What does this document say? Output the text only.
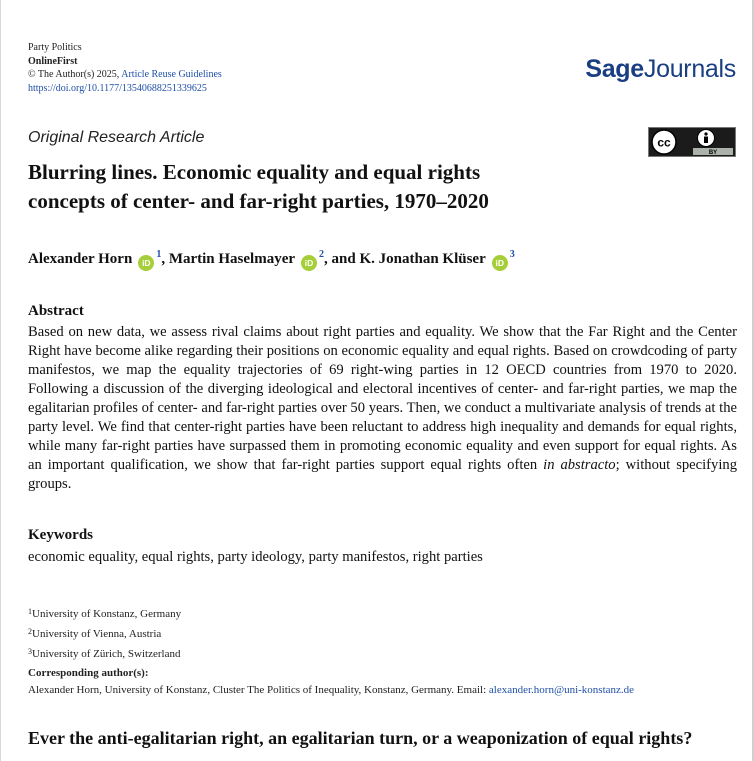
Party Politics
OnlineFirst
© The Author(s) 2025, Article Reuse Guidelines
https://doi.org/10.1177/13540688251339625
SageJournals
Original Research Article	cc
BY
Blurring lines. Economic equality and equal rights
concepts of center- and far-right parties, 1970–2020
Alexander Horn iD$^1$, Martin Haselmayer iD$^2$, and K. Jonathan Klüser iD$^3$
Abstract
Based on new data, we assess rival claims about right parties and equality. We show that the Far Right and the Center Right have become alike regarding their positions on economic equality and equal rights. Based on crowdcoding of party manifestos, we map the equality trajectories of 69 right-wing parties in 12 OECD countries from 1970 to 2020. Following a discussion of the diverging ideological and electoral incentives of center- and far-right parties, we map the egalitarian profiles of center- and far-right parties over 50 years. Then, we conduct a multivariate analysis of trends at the party level. We find that center-right parties have been reluctant to address high inequality and demands for equal rights, while many far-right parties have surpassed them in promoting economic equality and even support for equal rights. As an important qualification, we show that far-right parties support equal rights often in abstracto; without specifying groups.
Keywords
economic equality, equal rights, party ideology, party manifestos, right parties
$^1$University of Konstanz, Germany
$^2$University of Vienna, Austria
$^3$University of Zürich, Switzerland
Corresponding author(s):
Alexander Horn, University of Konstanz, Cluster The Politics of Inequality, Konstanz, Germany. Email: alexander.horn@uni-konstanz.de
Ever the anti-egalitarian right, an egalitarian turn, or a weaponization of equal rights?
